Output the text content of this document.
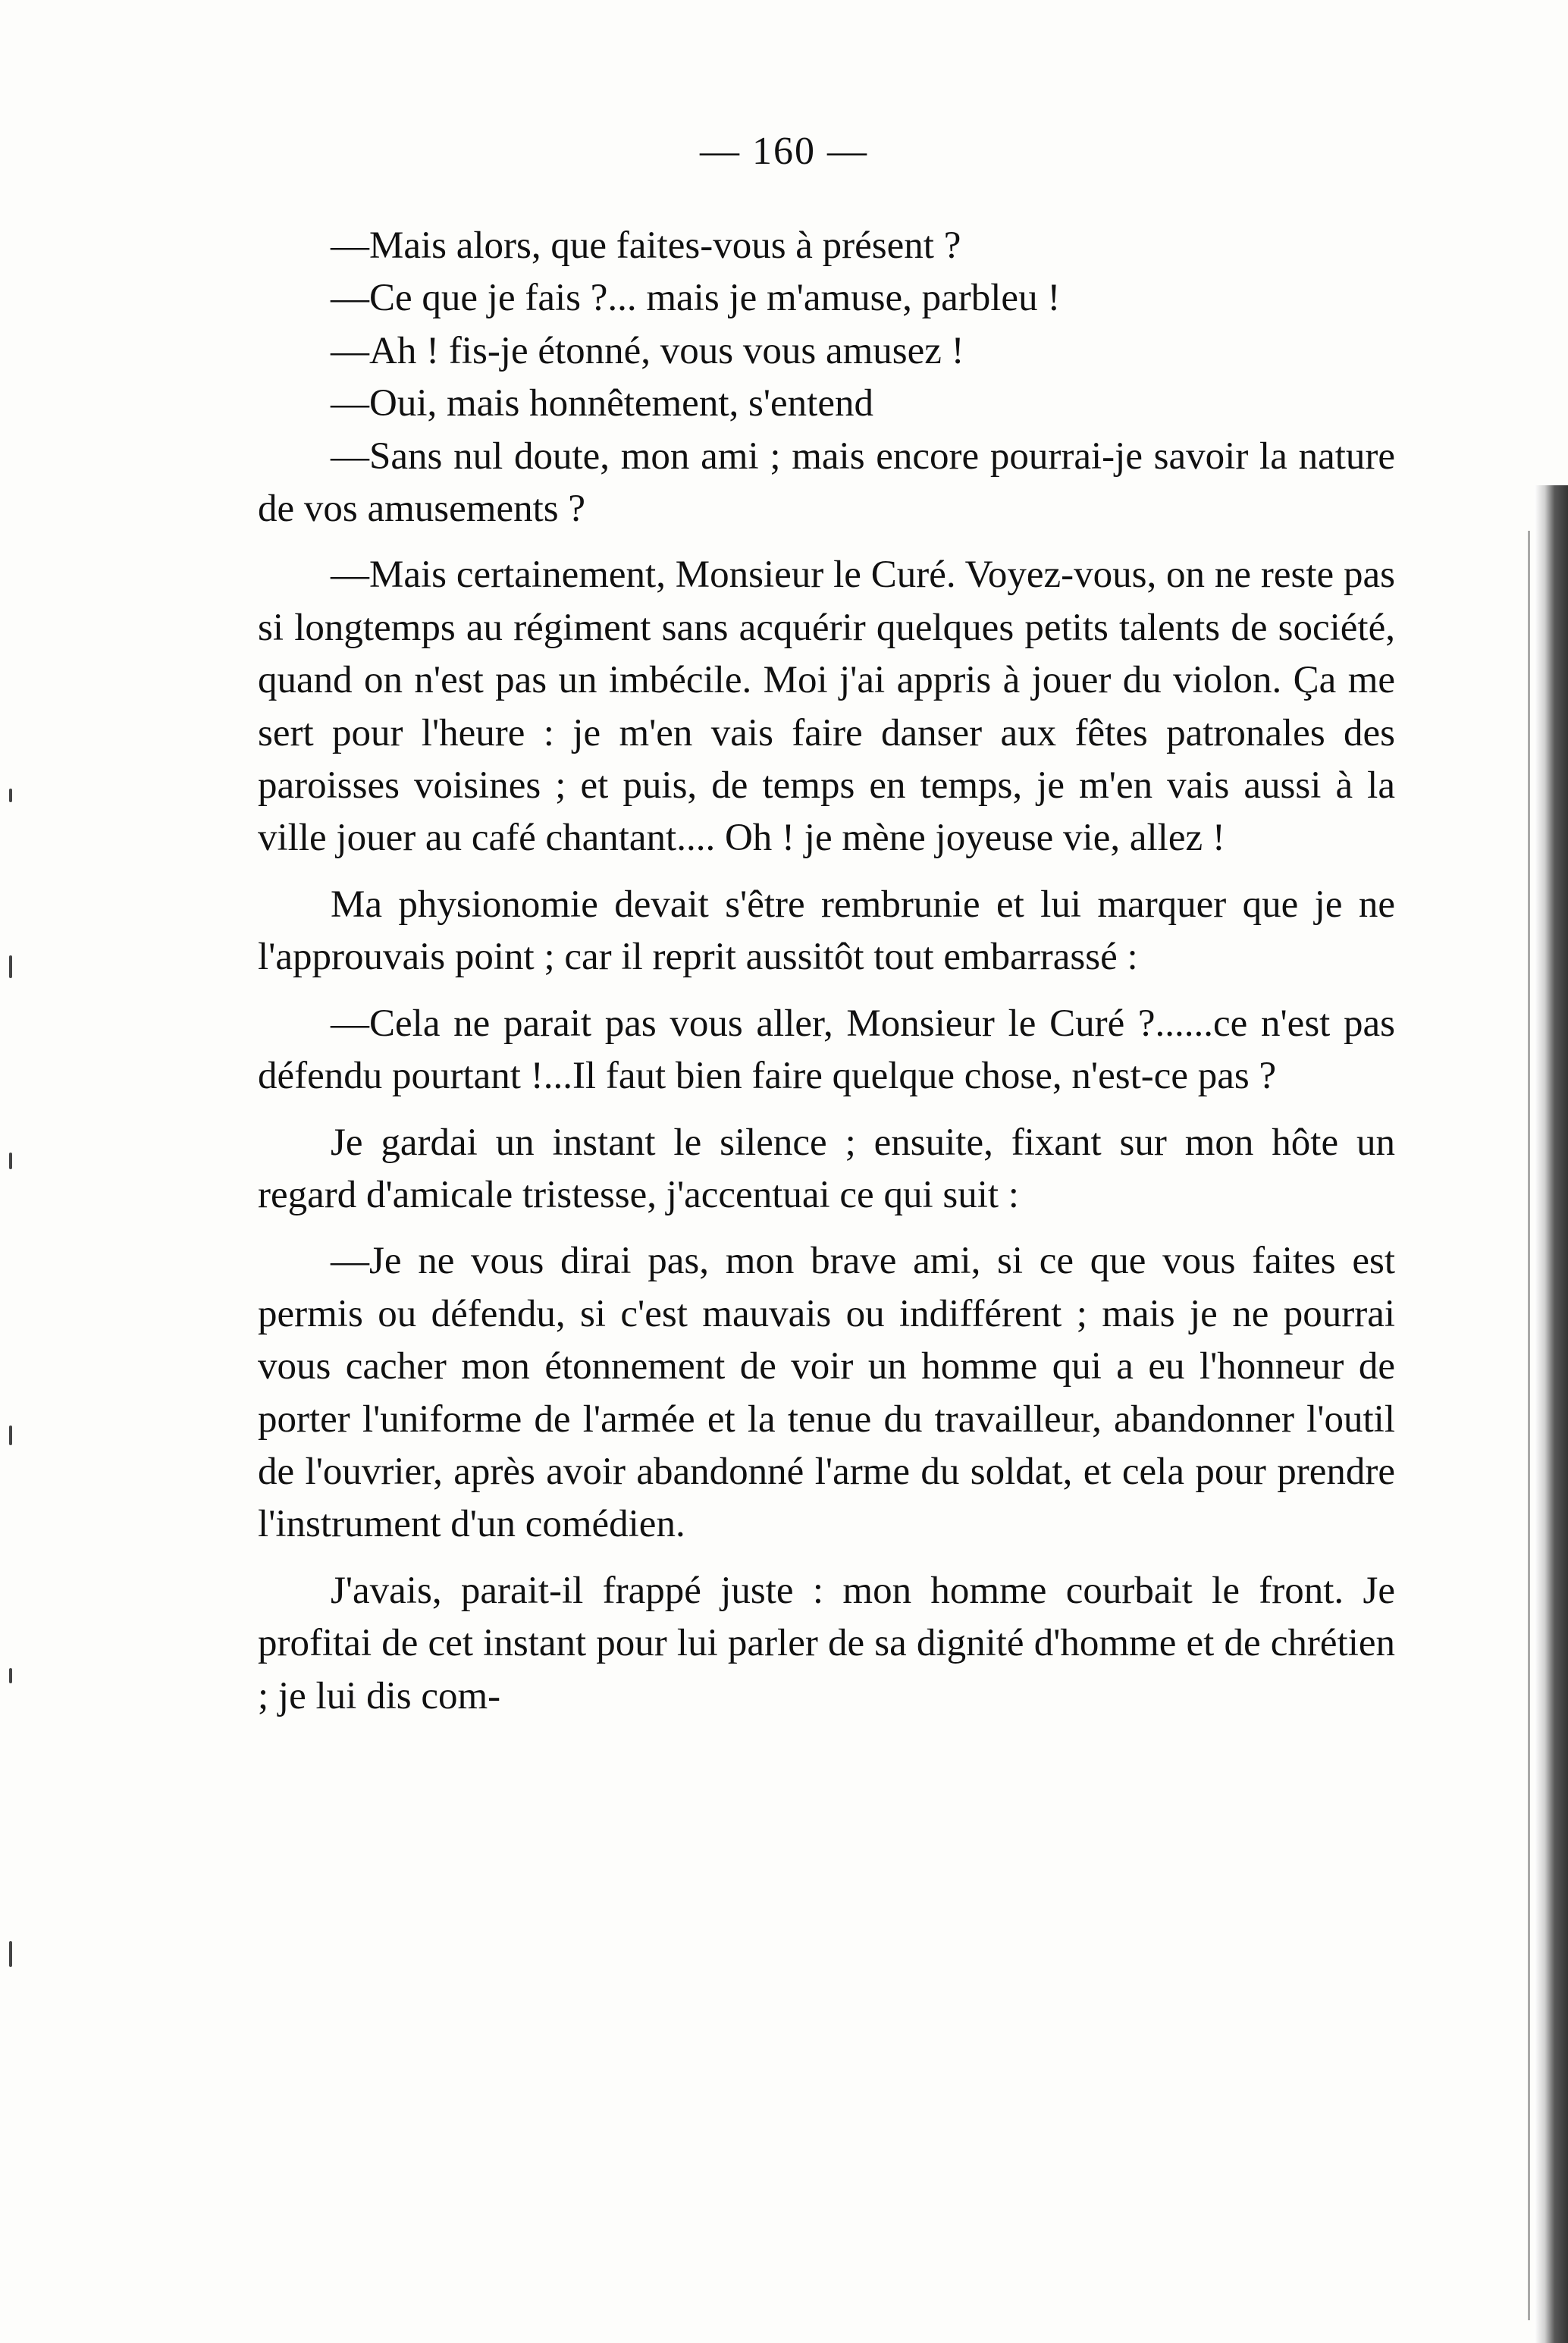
— 160 —

—Mais alors, que faites-vous à présent ?

—Ce que je fais ?... mais je m'amuse, parbleu !

—Ah ! fis-je étonné, vous vous amusez !

—Oui, mais honnêtement, s'entend

—Sans nul doute, mon ami ; mais encore pourrai-je savoir la nature de vos amusements ?

—Mais certainement, Monsieur le Curé. Voyez-vous, on ne reste pas si longtemps au régiment sans acquérir quelques petits talents de société, quand on n'est pas un imbécile. Moi j'ai appris à jouer du violon. Ça me sert pour l'heure : je m'en vais faire danser aux fêtes patronales des paroisses voisines ; et puis, de temps en temps, je m'en vais aussi à la ville jouer au café chantant.... Oh ! je mène joyeuse vie, allez !

Ma physionomie devait s'être rembrunie et lui marquer que je ne l'approuvais point ; car il reprit aussitôt tout embarrassé :

—Cela ne parait pas vous aller, Monsieur le Curé ?......ce n'est pas défendu pourtant !...Il faut bien faire quelque chose, n'est-ce pas ?

Je gardai un instant le silence ; ensuite, fixant sur mon hôte un regard d'amicale tristesse, j'accentuai ce qui suit :

—Je ne vous dirai pas, mon brave ami, si ce que vous faites est permis ou défendu, si c'est mauvais ou indifférent ; mais je ne pourrai vous cacher mon étonnement de voir un homme qui a eu l'honneur de porter l'uniforme de l'armée et la tenue du travailleur, abandonner l'outil de l'ouvrier, après avoir abandonné l'arme du soldat, et cela pour prendre l'instrument d'un comédien.

J'avais, parait-il frappé juste : mon homme courbait le front. Je profitai de cet instant pour lui parler de sa dignité d'homme et de chrétien ; je lui dis com-
